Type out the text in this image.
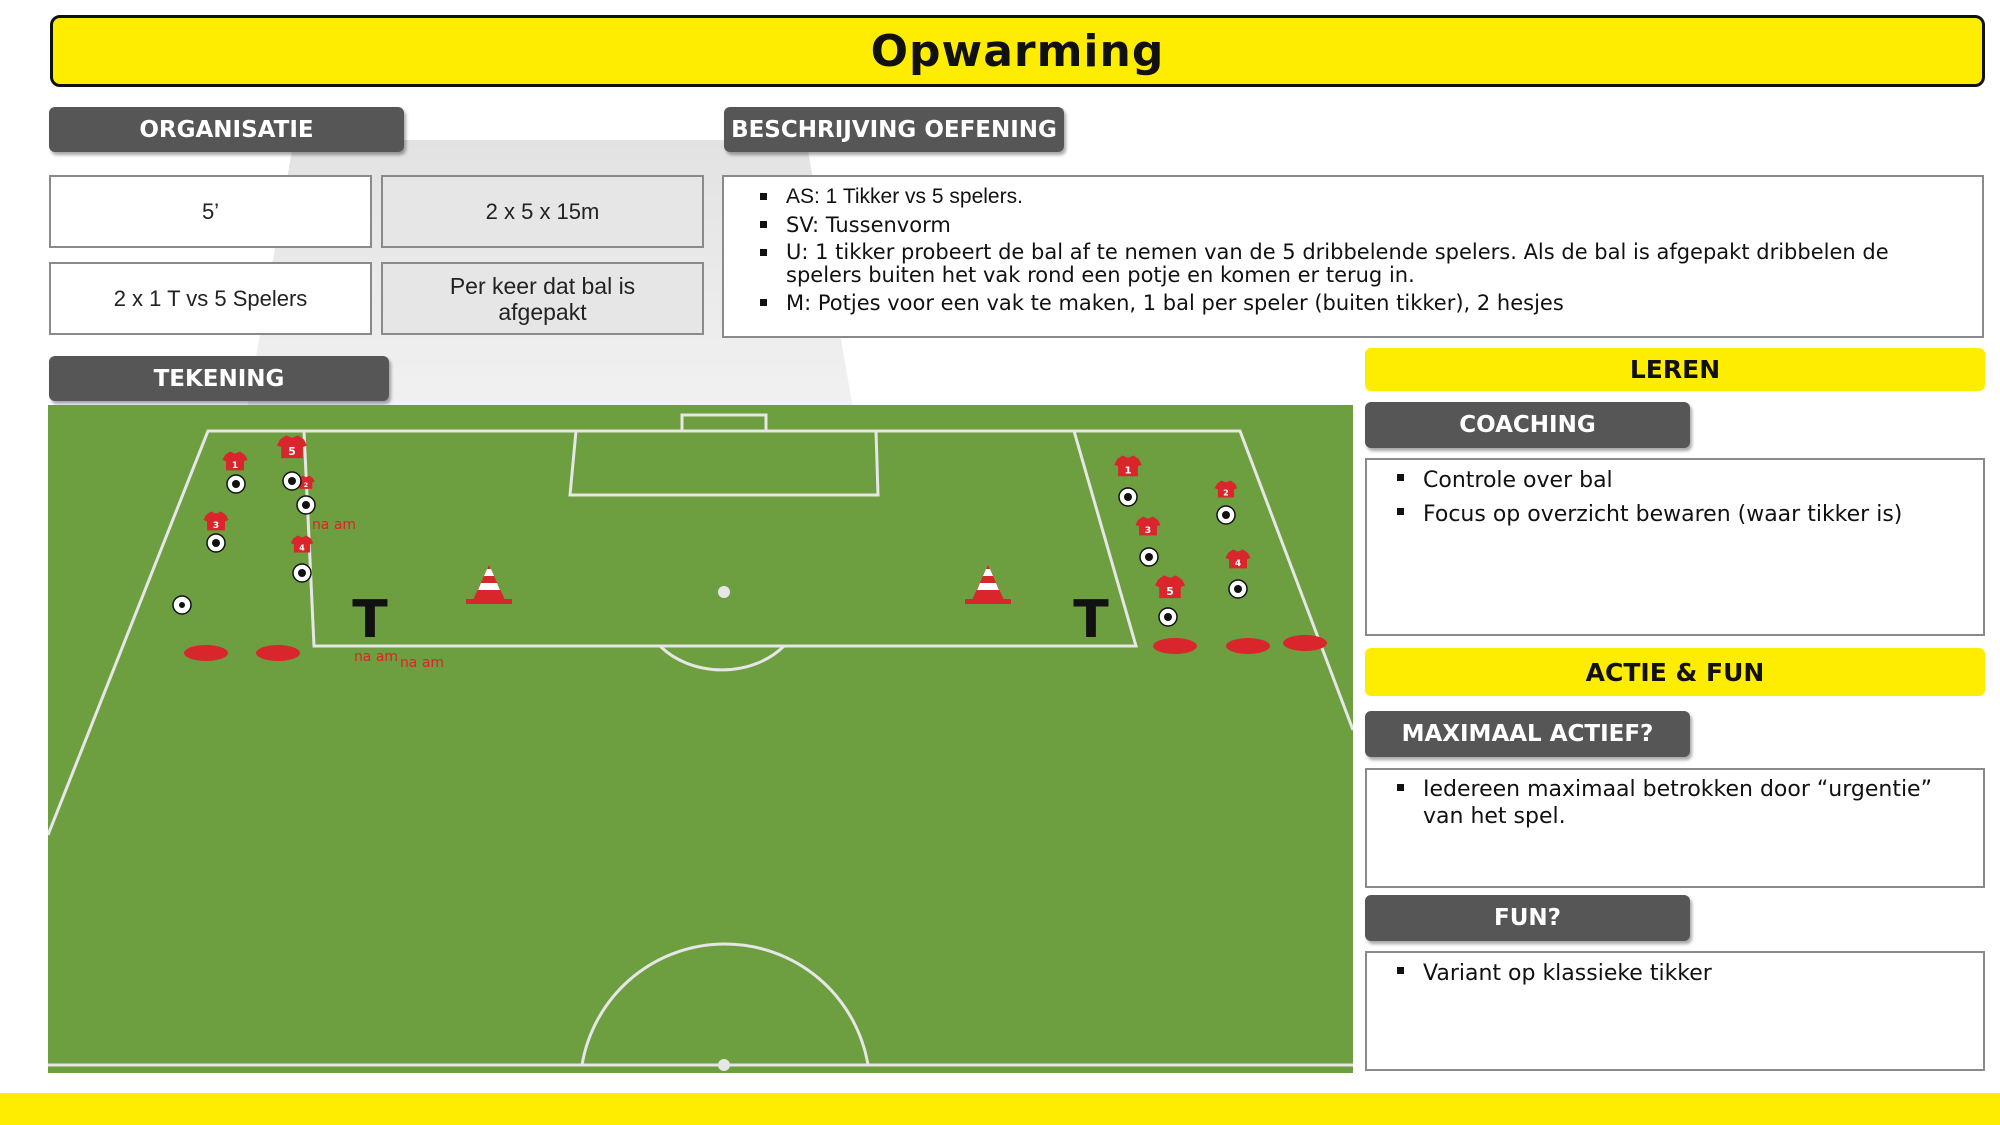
Opwarming
ORGANISATIE
5’	2 x 5 x 15m
2 x 1 T vs 5 Spelers	Per keer dat bal is afgepakt
BESCHRIJVING OEFENING
AS: 1 Tikker vs 5 spelers.
SV: Tussenvorm
U: 1 tikker probeert de bal af te nemen van de 5 dribbelende spelers. Als de bal is afgepakt dribbelen de spelers buiten het vak rond een potje en komen er terug in.
M: Potjes voor een vak te maken, 1 bal per speler (buiten tikker), 2 hesjes
TEKENING
T	T
1
5
3
2
4
1
2
3
4
5
na am
na am na am
LEREN
COACHING
Controle over bal
Focus op overzicht bewaren (waar tikker is)
ACTIE & FUN
MAXIMAAL ACTIEF?
Iedereen maximaal betrokken door “urgentie” van het spel.
FUN?
Variant op klassieke tikker
